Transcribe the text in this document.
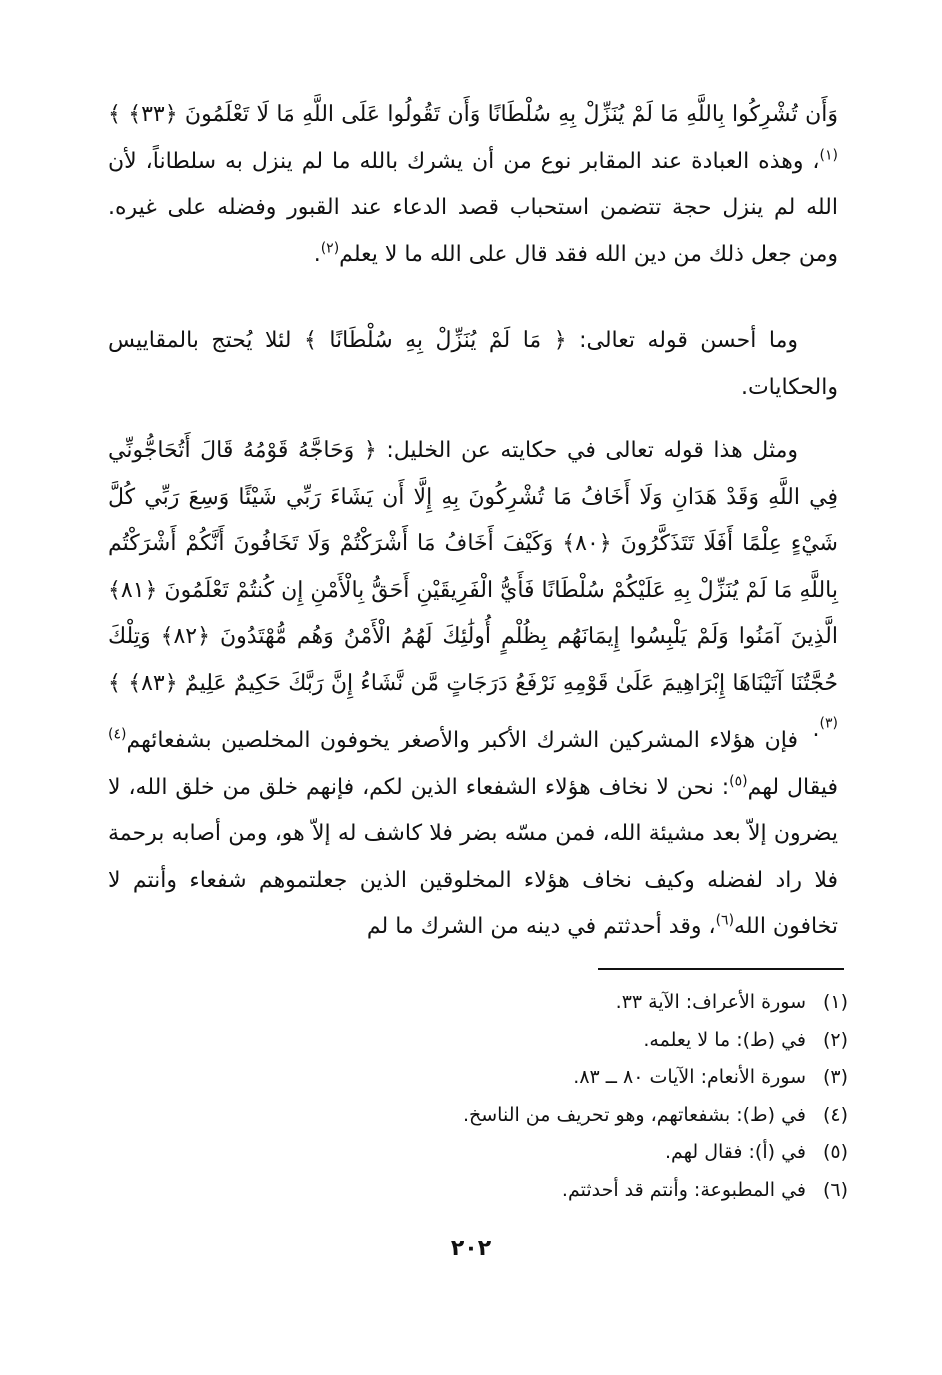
وَأَن تُشْرِكُوا بِاللَّهِ مَا لَمْ يُنَزِّلْ بِهِ سُلْطَانًا وَأَن تَقُولُوا عَلَى اللَّهِ مَا لَا تَعْلَمُونَ ﴿٣٣﴾ ﴾$^{(١)}$، وهذه العبادة عند المقابر نوع من أن يشرك بالله ما لم ينزل به سلطاناً، لأن الله لم ينزل حجة تتضمن استحباب قصد الدعاء عند القبور وفضله على غيره. ومن جعل ذلك من دين الله فقد قال على الله ما لا يعلم$^{(٢)}$.

وما أحسن قوله تعالى: ﴿ مَا لَمْ يُنَزِّلْ بِهِ سُلْطَانًا ﴾ لئلا يُحتج بالمقاييس والحكايات.

ومثل هذا قوله تعالى في حكايته عن الخليل: ﴿ وَحَاجَّهُ قَوْمُهُ قَالَ أَتُحَاجُّونِّي فِي اللَّهِ وَقَدْ هَدَانِ وَلَا أَخَافُ مَا تُشْرِكُونَ بِهِ إِلَّا أَن يَشَاءَ رَبِّي شَيْئًا وَسِعَ رَبِّي كُلَّ شَيْءٍ عِلْمًا أَفَلَا تَتَذَكَّرُونَ ﴿٨٠﴾ وَكَيْفَ أَخَافُ مَا أَشْرَكْتُمْ وَلَا تَخَافُونَ أَنَّكُمْ أَشْرَكْتُم بِاللَّهِ مَا لَمْ يُنَزِّلْ بِهِ عَلَيْكُمْ سُلْطَانًا فَأَيُّ الْفَرِيقَيْنِ أَحَقُّ بِالْأَمْنِ إِن كُنتُمْ تَعْلَمُونَ ﴿٨١﴾ الَّذِينَ آمَنُوا وَلَمْ يَلْبِسُوا إِيمَانَهُم بِظُلْمٍ أُولَٰئِكَ لَهُمُ الْأَمْنُ وَهُم مُّهْتَدُونَ ﴿٨٢﴾ وَتِلْكَ حُجَّتُنَا آتَيْنَاهَا إِبْرَاهِيمَ عَلَىٰ قَوْمِهِ نَرْفَعُ دَرَجَاتٍ مَّن نَّشَاءُ إِنَّ رَبَّكَ حَكِيمٌ عَلِيمٌ ﴿٨٣﴾ ﴾$^{(٣)}$.

فإن هؤلاء المشركين الشرك الأكبر والأصغر يخوفون المخلصين بشفعائهم$^{(٤)}$ فيقال لهم$^{(٥)}$: نحن لا نخاف هؤلاء الشفعاء الذين لكم، فإنهم خلق من خلق الله، لا يضرون إلاّ بعد مشيئة الله، فمن مسّه بضر فلا كاشف له إلاّ هو، ومن أصابه برحمة فلا راد لفضله وكيف نخاف هؤلاء المخلوقين الذين جعلتموهم شفعاء وأنتم لا تخافون الله$^{(٦)}$، وقد أحدثتم في دينه من الشرك ما لم

(١)سورة الأعراف: الآية ٣٣.
(٢)في (ط): ما لا يعلمه.
(٣)سورة الأنعام: الآيات ٨٠ ــ ٨٣.
(٤)في (ط): بشفعاتهم، وهو تحريف من الناسخ.
(٥)في (أ): فقال لهم.
(٦)في المطبوعة: وأنتم قد أحدثتم.
٢٠٢
